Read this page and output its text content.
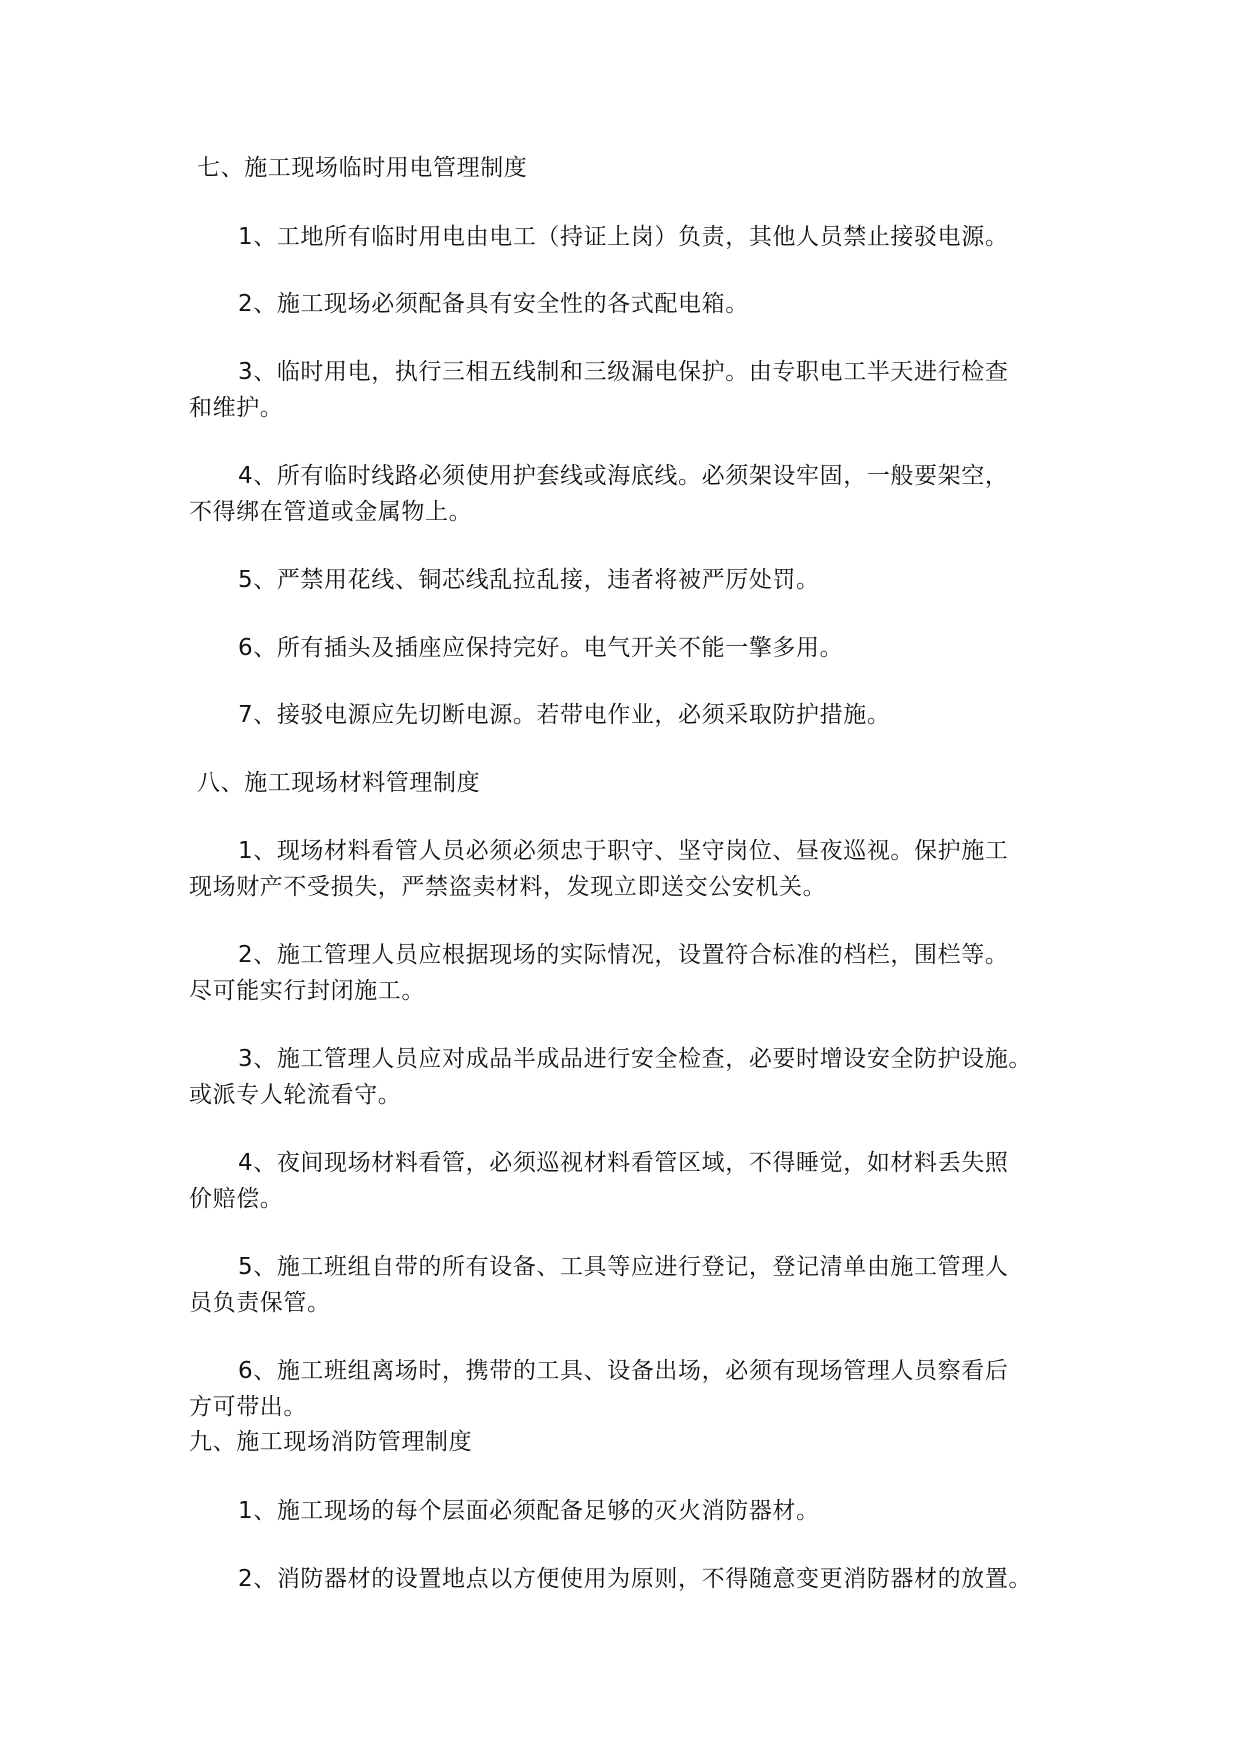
七、施工现场临时用电管理制度
1、工地所有临时用电由电工（持证上岗）负责，其他人员禁止接驳电源。
2、施工现场必须配备具有安全性的各式配电箱。
3、临时用电，执行三相五线制和三级漏电保护。由专职电工半天进行检查
和维护。
4、所有临时线路必须使用护套线或海底线。必须架设牢固，一般要架空，
不得绑在管道或金属物上。
5、严禁用花线、铜芯线乱拉乱接，违者将被严厉处罚。
6、所有插头及插座应保持完好。电气开关不能一擎多用。
7、接驳电源应先切断电源。若带电作业，必须采取防护措施。
八、施工现场材料管理制度
1、现场材料看管人员必须必须忠于职守、坚守岗位、昼夜巡视。保护施工
现场财产不受损失，严禁盗卖材料，发现立即送交公安机关。
2、施工管理人员应根据现场的实际情况，设置符合标准的档栏，围栏等。
尽可能实行封闭施工。
3、施工管理人员应对成品半成品进行安全检查，必要时增设安全防护设施。
或派专人轮流看守。
4、夜间现场材料看管，必须巡视材料看管区域，不得睡觉，如材料丢失照
价赔偿。
5、施工班组自带的所有设备、工具等应进行登记，登记清单由施工管理人
员负责保管。
6、施工班组离场时，携带的工具、设备出场，必须有现场管理人员察看后
方可带出。
九、施工现场消防管理制度
1、施工现场的每个层面必须配备足够的灭火消防器材。
2、消防器材的设置地点以方便使用为原则，不得随意变更消防器材的放置。
